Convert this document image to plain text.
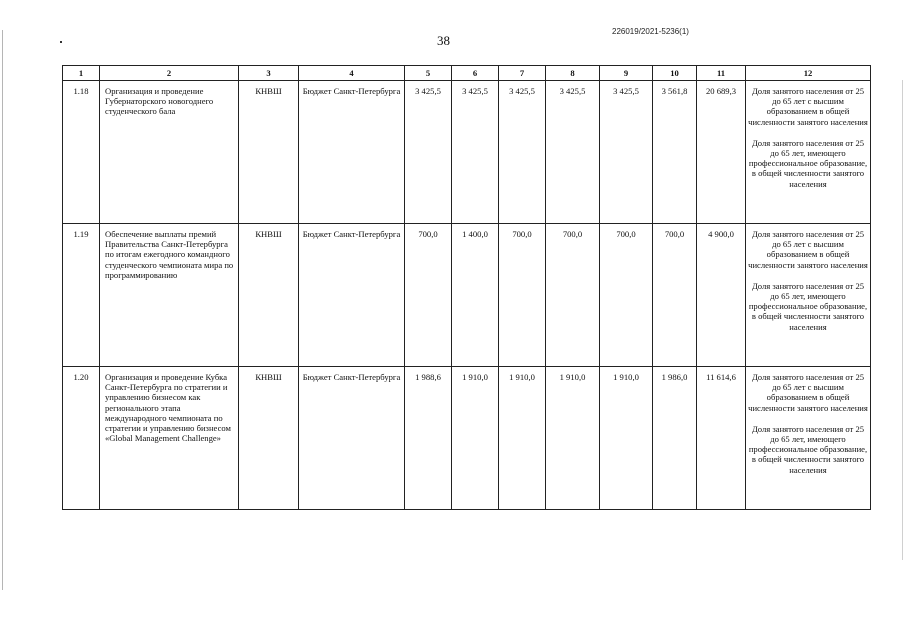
226019/2021-5236(1)
38
1	2	3	4	5	6	7	8	9	10	11	12
1.18	Организация и проведение Губернаторского новогоднего студенческого бала	КНВШ	Бюджет Санкт-Петербурга	3 425,5	3 425,5	3 425,5	3 425,5	3 425,5	3 561,8	20 689,3	Доля занятого населения от 25 до 65 лет с высшим образованием в общей численности занятого населения
Доля занятого населения от 25 до 65 лет, имеющего профессиональное образование, в общей численности занятого населения

1.19	Обеспечение выплаты премий Правительства Санкт-Петербурга по итогам ежегодного командного студенческого чемпионата мира по программированию	КНВШ	Бюджет Санкт-Петербурга	700,0	1 400,0	700,0	700,0	700,0	700,0	4 900,0	Доля занятого населения от 25 до 65 лет с высшим образованием в общей численности занятого населения
Доля занятого населения от 25 до 65 лет, имеющего профессиональное образование, в общей численности занятого населения

1.20	Организация и проведение Кубка Санкт-Петербурга по стратегии и управлению бизнесом как регионального этапа международного чемпионата по стратегии и управлению бизнесом «Global Management Challenge»	КНВШ	Бюджет Санкт-Петербурга	1 988,6	1 910,0	1 910,0	1 910,0	1 910,0	1 986,0	11 614,6	Доля занятого населения от 25 до 65 лет с высшим образованием в общей численности занятого населения
Доля занятого населения от 25 до 65 лет, имеющего профессиональное образование, в общей численности занятого населения
